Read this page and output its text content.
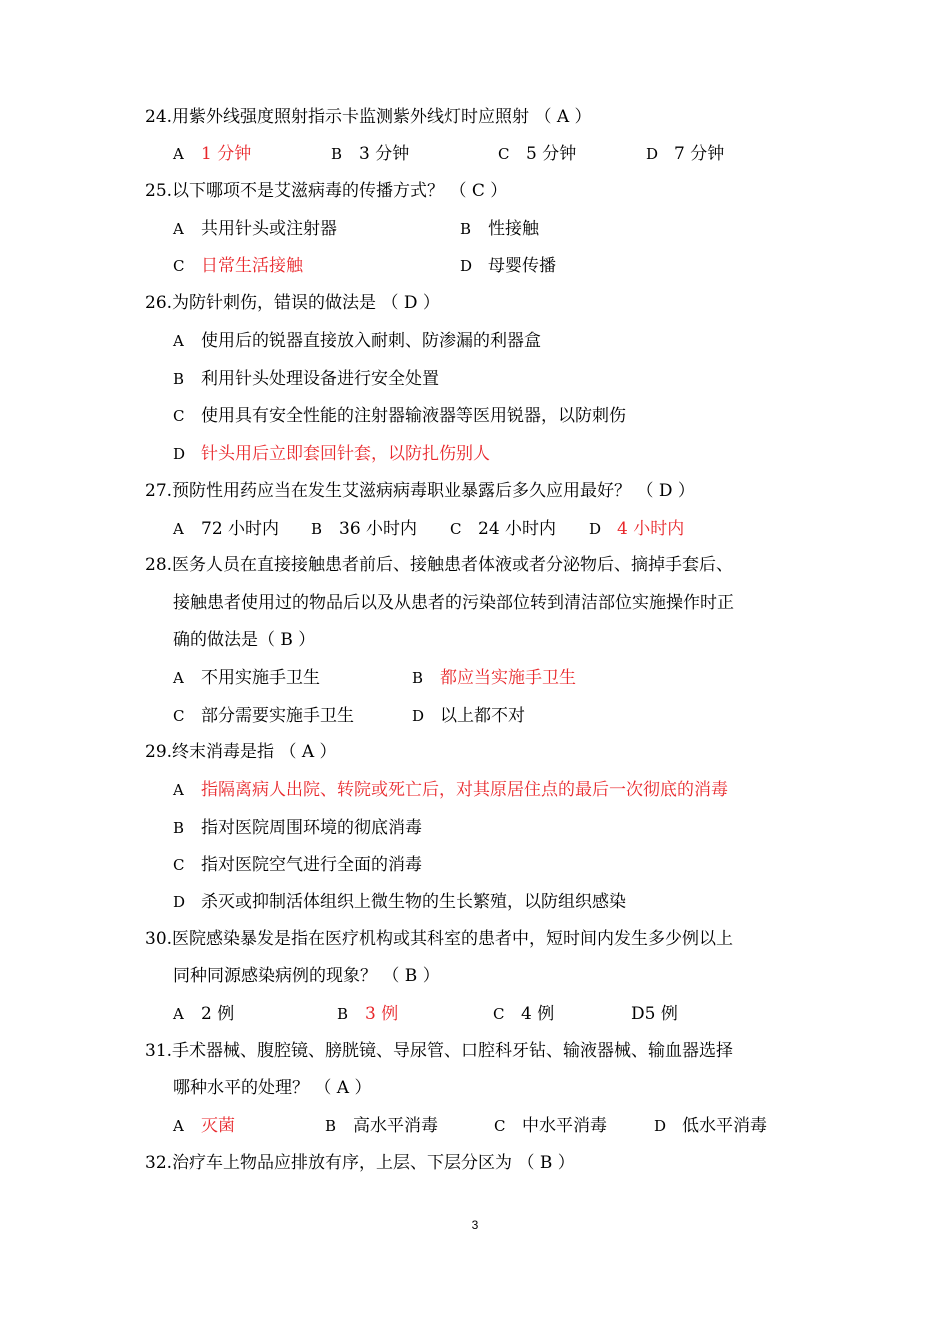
24.用紫外线强度照射指示卡监测紫外线灯时应照射 （ A ）
A 1 分钟	B 3 分钟	C 5 分钟	D 7 分钟
25.以下哪项不是艾滋病毒的传播方式？ （ C ）
A 共用针头或注射器	B 性接触
C 日常生活接触	D 母婴传播
26.为防针刺伤，错误的做法是 （ D ）
A 使用后的锐器直接放入耐刺、防渗漏的利器盒
B 利用针头处理设备进行安全处置
C 使用具有安全性能的注射器输液器等医用锐器，以防刺伤
D 针头用后立即套回针套，以防扎伤别人
27.预防性用药应当在发生艾滋病病毒职业暴露后多久应用最好？ （ D ）
A 72 小时内 B 36 小时内 C 24 小时内 D 4 小时内
28.医务人员在直接接触患者前后、接触患者体液或者分泌物后、摘掉手套后、
接触患者使用过的物品后以及从患者的污染部位转到清洁部位实施操作时正
确的做法是（ B ）
A 不用实施手卫生	B 都应当实施手卫生
C 部分需要实施手卫生	D 以上都不对
29.终末消毒是指 （ A ）
A 指隔离病人出院、转院或死亡后，对其原居住点的最后一次彻底的消毒
B 指对医院周围环境的彻底消毒
C 指对医院空气进行全面的消毒
D 杀灭或抑制活体组织上微生物的生长繁殖，以防组织感染
30.医院感染暴发是指在医疗机构或其科室的患者中，短时间内发生多少例以上
同种同源感染病例的现象？ （ B ）
A 2 例	B 3 例	C 4 例	D5 例
31.手术器械、腹腔镜、膀胱镜、导尿管、口腔科牙钻、输液器械、输血器选择
哪种水平的处理？ （ A ）
A 灭菌	B 高水平消毒	C 中水平消毒	D 低水平消毒
32.治疗车上物品应排放有序，上层、下层分区为 （ B ）
3
